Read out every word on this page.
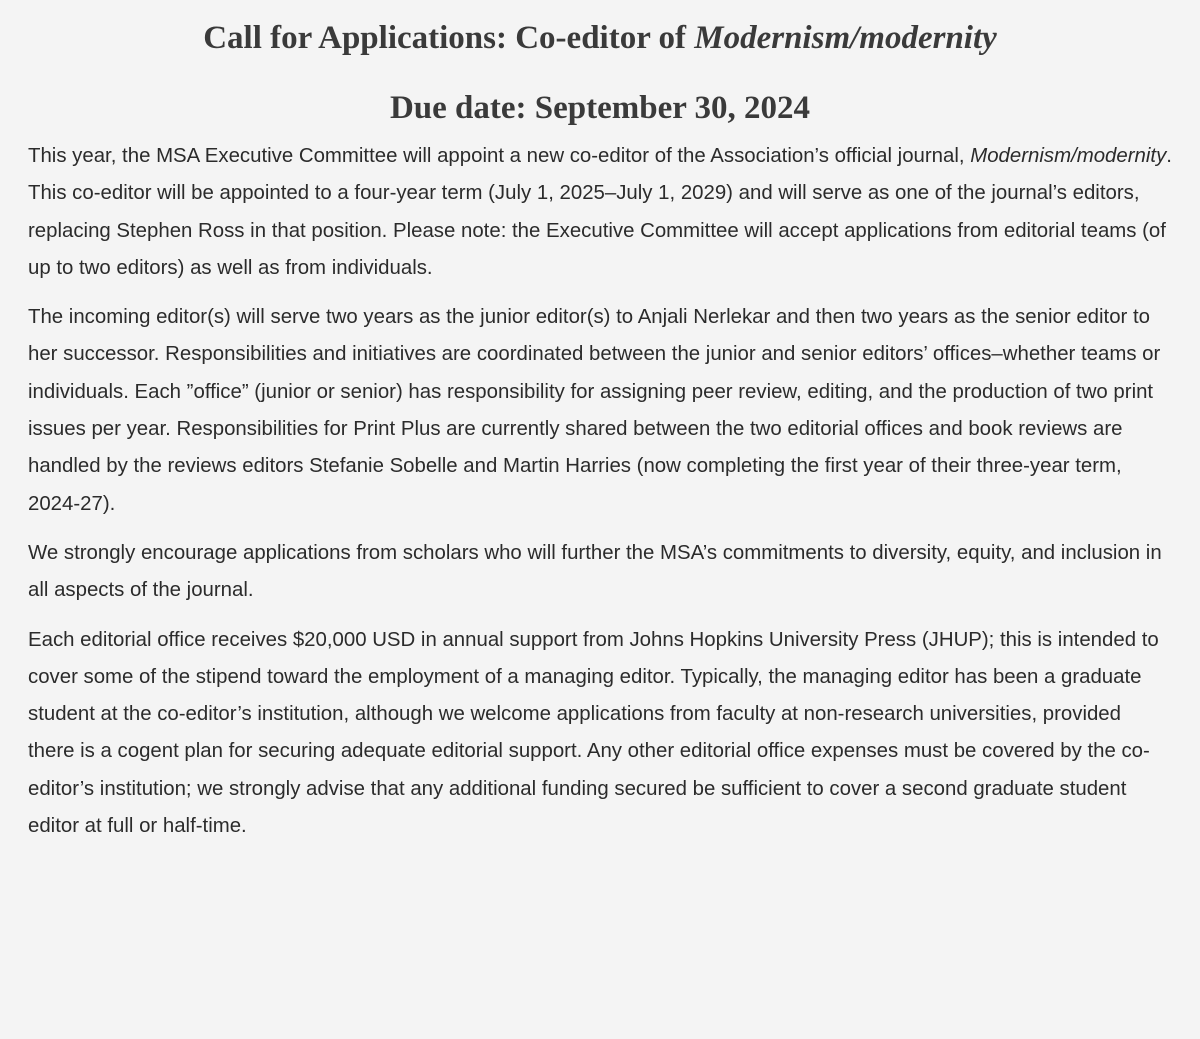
Call for Applications: Co-editor of Modernism/modernity
Due date: September 30, 2024

This year, the MSA Executive Committee will appoint a new co-editor of the Association’s official journal, Modernism/modernity. This co-editor will be appointed to a four-year term (July 1, 2025–July 1, 2029) and will serve as one of the journal’s editors, replacing Stephen Ross in that position. Please note: the Executive Committee will accept applications from editorial teams (of up to two editors) as well as from individuals.

The incoming editor(s) will serve two years as the junior editor(s) to Anjali Nerlekar and then two years as the senior editor to her successor. Responsibilities and initiatives are coordinated between the junior and senior editors’ offices–whether teams or individuals. Each ”office” (junior or senior) has responsibility for assigning peer review, editing, and the production of two print issues per year. Responsibilities for Print Plus are currently shared between the two editorial offices and book reviews are handled by the reviews editors Stefanie Sobelle and Martin Harries (now completing the first year of their three-year term, 2024-27).

We strongly encourage applications from scholars who will further the MSA’s commitments to diversity, equity, and inclusion in all aspects of the journal.

Each editorial office receives $20,000 USD in annual support from Johns Hopkins University Press (JHUP); this is intended to cover some of the stipend toward the employment of a managing editor. Typically, the managing editor has been a graduate student at the co-editor’s institution, although we welcome applications from faculty at non-research universities, provided there is a cogent plan for securing adequate editorial support. Any other editorial office expenses must be covered by the co-editor’s institution; we strongly advise that any additional funding secured be sufficient to cover a second graduate student editor at full or half-time.
